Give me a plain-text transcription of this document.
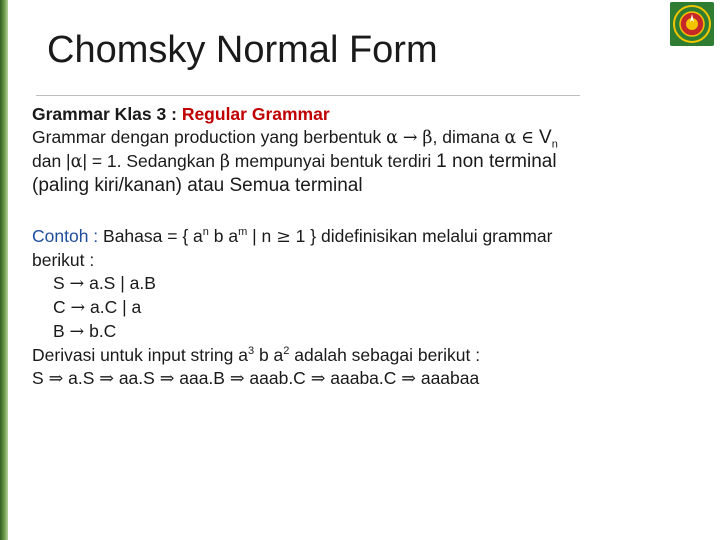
Chomsky Normal Form
Grammar Klas 3 : Regular Grammar
Grammar dengan production yang berbentuk α → β, dimana α ∈ $V_n$
dan |α| = 1. Sedangkan β mempunyai bentuk terdiri 1 non terminal
(paling kiri/kanan) atau Semua terminal
Contoh : Bahasa = { $a^n$ b $a^m$ | n ≥ 1 } didefinisikan melalui grammar
berikut :
S → a.S | a.B
C → a.C | a
B → b.C
Derivasi untuk input string $a^3$ b $a^2$ adalah sebagai berikut :
S ⇒ a.S ⇒ aa.S ⇒ aaa.B ⇒ aaab.C ⇒ aaaba.C ⇒ aaabaa
